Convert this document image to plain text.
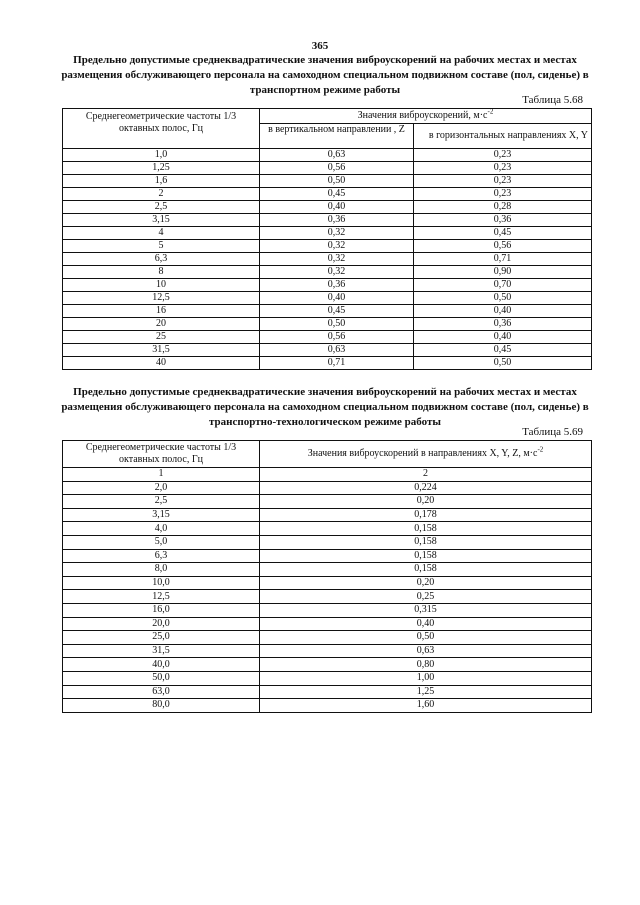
365

Предельно допустимые среднеквадратические значения виброускорений на рабочих местах и местах размещения обслуживающего персонала на самоходном специальном подвижном составе (пол, сиденье) в транспортном режиме работы

Таблица 5.68
Среднегеометрические частоты 1/3 октавных полос, Гц	Значения виброускорений, $м\cdot с^{-2}$
	в вертикальном направлении , Z	в горизонтальных направлениях X, Y
1,0	0,63	0,23
1,25	0,56	0,23
1,6	0,50	0,23
2	0,45	0,23
2,5	0,40	0,28
3,15	0,36	0,36
4	0,32	0,45
5	0,32	0,56
6,3	0,32	0,71
8	0,32	0,90
10	0,36	0,70
12,5	0,40	0,50
16	0,45	0,40
20	0,50	0,36
25	0,56	0,40
31,5	0,63	0,45
40	0,71	0,50

Предельно допустимые среднеквадратические значения виброускорений на рабочих местах и местах размещения обслуживающего персонала на самоходном специальном подвижном составе (пол, сиденье) в транспортно-технологическом режиме работы

Таблица 5.69
Среднегеометрические частоты 1/3 октавных полос, Гц	Значения виброускорений в направлениях X, Y, Z, $м\cdot с^{-2}$
1	2
2,0	0,224
2,5	0,20
3,15	0,178
4,0	0,158
5,0	0,158
6,3	0,158
8,0	0,158
10,0	0,20
12,5	0,25
16,0	0,315
20,0	0,40
25,0	0,50
31,5	0,63
40,0	0,80
50,0	1,00
63,0	1,25
80,0	1,60
